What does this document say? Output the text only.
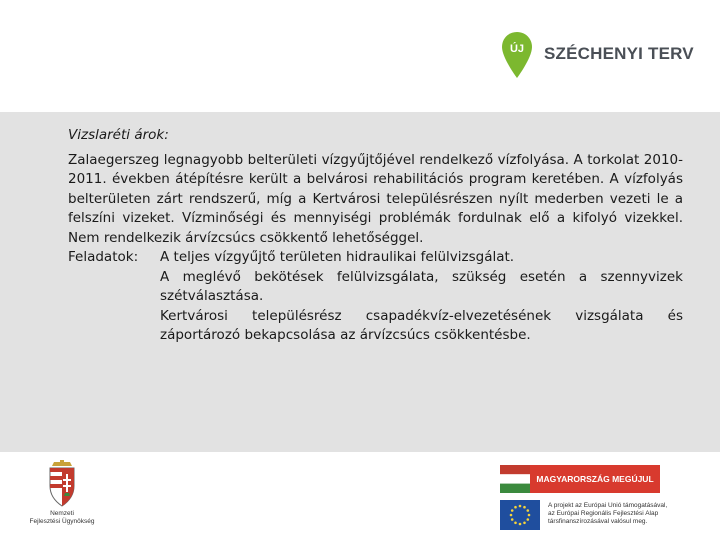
ÚJ SZÉCHENYI TERV

Vizslaréti árok:

Zalaegerszeg legnagyobb belterületi vízgyűjtőjével rendelkező vízfolyása. A torkolat 2010-2011. években átépítésre került a belvárosi rehabilitációs program keretében. A vízfolyás belterületen zárt rendszerű, míg a Kertvárosi településrészen nyílt mederben vezeti le a felszíni vizeket. Vízminőségi és mennyiségi problémák fordulnak elő a kifolyó vizekkel. Nem rendelkezik árvízcsúcs csökkentő lehetőséggel.

Feladatok:	A teljes vízgyűjtő területen hidraulikai felülvizsgálat.
A meglévő bekötések felülvizsgálata, szükség esetén a szennyvizek szétválasztása.
Kertvárosi településrész csapadékvíz-elvezetésének vizsgálata és záportározó bekapcsolása az árvízcsúcs csökkentésbe.
Nemzeti
Fejlesztési Ügynökség
MAGYARORSZÁG MEGÚJUL
A projekt az Európai Unió támogatásával,
az Európai Regionális Fejlesztési Alap
társfinanszírozásával valósul meg.
